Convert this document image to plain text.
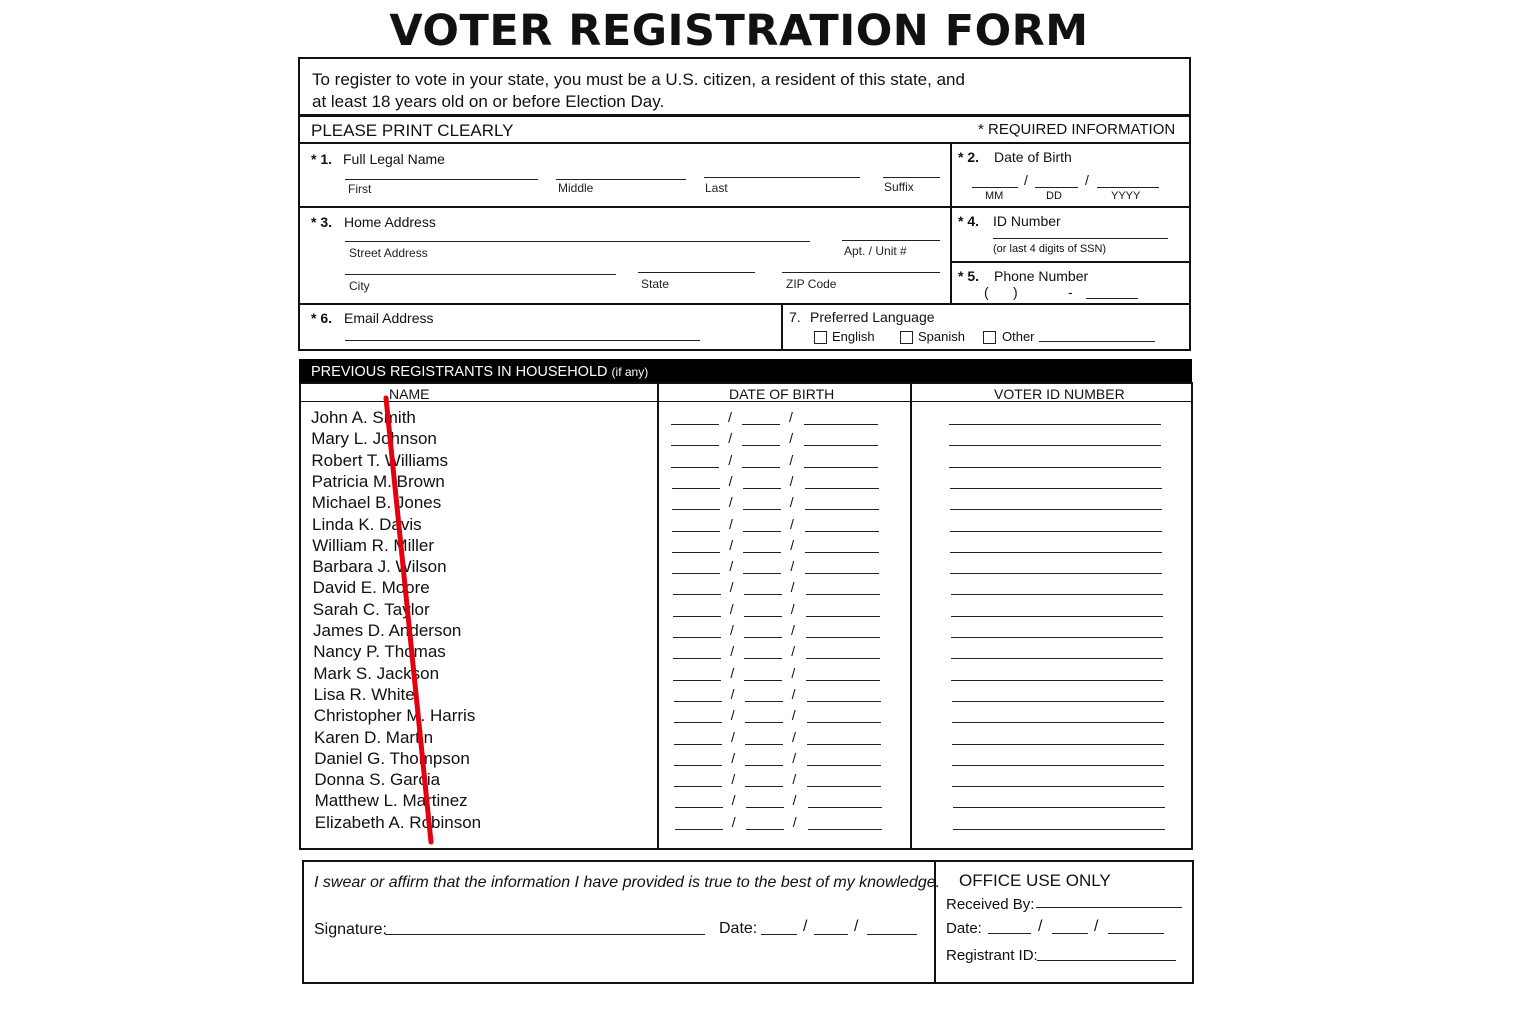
VOTER REGISTRATION FORM
To register to vote in your state, you must be a U.S. citizen, a resident of this state, and
at least 18 years old on or before Election Day.
PLEASE PRINT CLEARLY	* REQUIRED INFORMATION
* 1. Full Legal Name
First	Middle	Last	Suffix
* 2. Date of Birth
/	/
MM	DD	YYYY
* 3. Home Address
Street Address	Apt. / Unit #
City	State	ZIP Code
* 4. ID Number
(or last 4 digits of SSN)
* 5. Phone Number
( )	-
* 6. Email Address	7. Preferred Language
English	Spanish	Other
PREVIOUS REGISTRANTS IN HOUSEHOLD (if any)
NAME	DATE OF BIRTH	VOTER ID NUMBER
John A. Smith	/	/
Mary L. Johnson	/	/
Robert T. Williams	/	/
Patricia M. Brown	/	/
Michael B. Jones	/	/
Linda K. Davis	/	/
William R. Miller	/	/
Barbara J. Wilson	/	/
David E. Moore	/	/
Sarah C. Taylor	/	/
James D. Anderson	/	/
Nancy P. Thomas	/	/
Mark S. Jackson	/	/
Lisa R. White	/	/
Christopher M. Harris	/	/
Karen D. Martin	/	/
Daniel G. Thompson	/	/
Donna S. Garcia	/	/
Matthew L. Martinez	/	/
Elizabeth A. Robinson	/	/
I swear or affirm that the information I have provided is true to the best of my knowledge.
Signature:	Date:	/	/
OFFICE USE ONLY
Received By:
Date:	/	/
Registrant ID:
